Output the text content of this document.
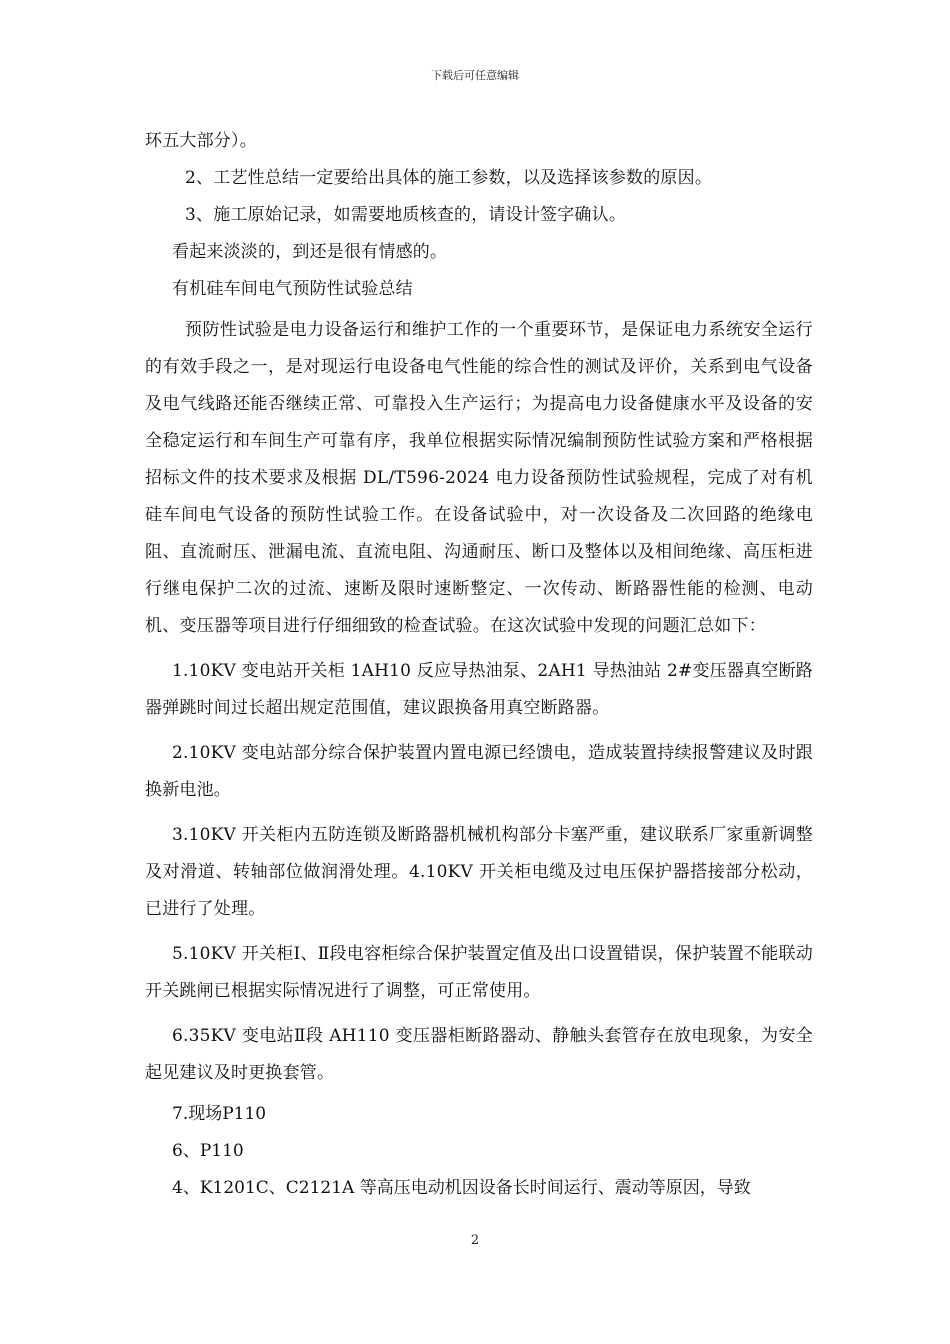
下载后可任意编辑

环五大部分）。

2、工艺性总结一定要给出具体的施工参数，以及选择该参数的原因。

3、施工原始记录，如需要地质核查的，请设计签字确认。

看起来淡淡的，到还是很有情感的。

有机硅车间电气预防性试验总结

预防性试验是电力设备运行和维护工作的一个重要环节，是保证电力系统安全运行的有效手段之一，是对现运行电设备电气性能的综合性的测试及评价，关系到电气设备及电气线路还能否继续正常、可靠投入生产运行；为提高电力设备健康水平及设备的安全稳定运行和车间生产可靠有序，我单位根据实际情况编制预防性试验方案和严格根据招标文件的技术要求及根据 DL/T596-2024 电力设备预防性试验规程，完成了对有机硅车间电气设备的预防性试验工作。在设备试验中，对一次设备及二次回路的绝缘电阻、直流耐压、泄漏电流、直流电阻、沟通耐压、断口及整体以及相间绝缘、高压柜进行继电保护二次的过流、速断及限时速断整定、一次传动、断路器性能的检测、电动机、变压器等项目进行仔细细致的检查试验。在这次试验中发现的问题汇总如下：

1.10KV 变电站开关柜 1AH10 反应导热油泵、2AH1 导热油站 2#变压器真空断路器弹跳时间过长超出规定范围值，建议跟换备用真空断路器。

2.10KV 变电站部分综合保护装置内置电源已经馈电，造成装置持续报警建议及时跟换新电池。

3.10KV 开关柜内五防连锁及断路器机械机构部分卡塞严重，建议联系厂家重新调整及对滑道、转轴部位做润滑处理。4.10KV 开关柜电缆及过电压保护器搭接部分松动，已进行了处理。

5.10KV 开关柜Ⅰ、Ⅱ段电容柜综合保护装置定值及出口设置错误，保护装置不能联动开关跳闸已根据实际情况进行了调整，可正常使用。

6.35KV 变电站Ⅱ段 AH110 变压器柜断路器动、静触头套管存在放电现象，为安全起见建议及时更换套管。

7.现场P110

6、P110

4、K1201C、C2121A 等高压电动机因设备长时间运行、震动等原因，导致

2
